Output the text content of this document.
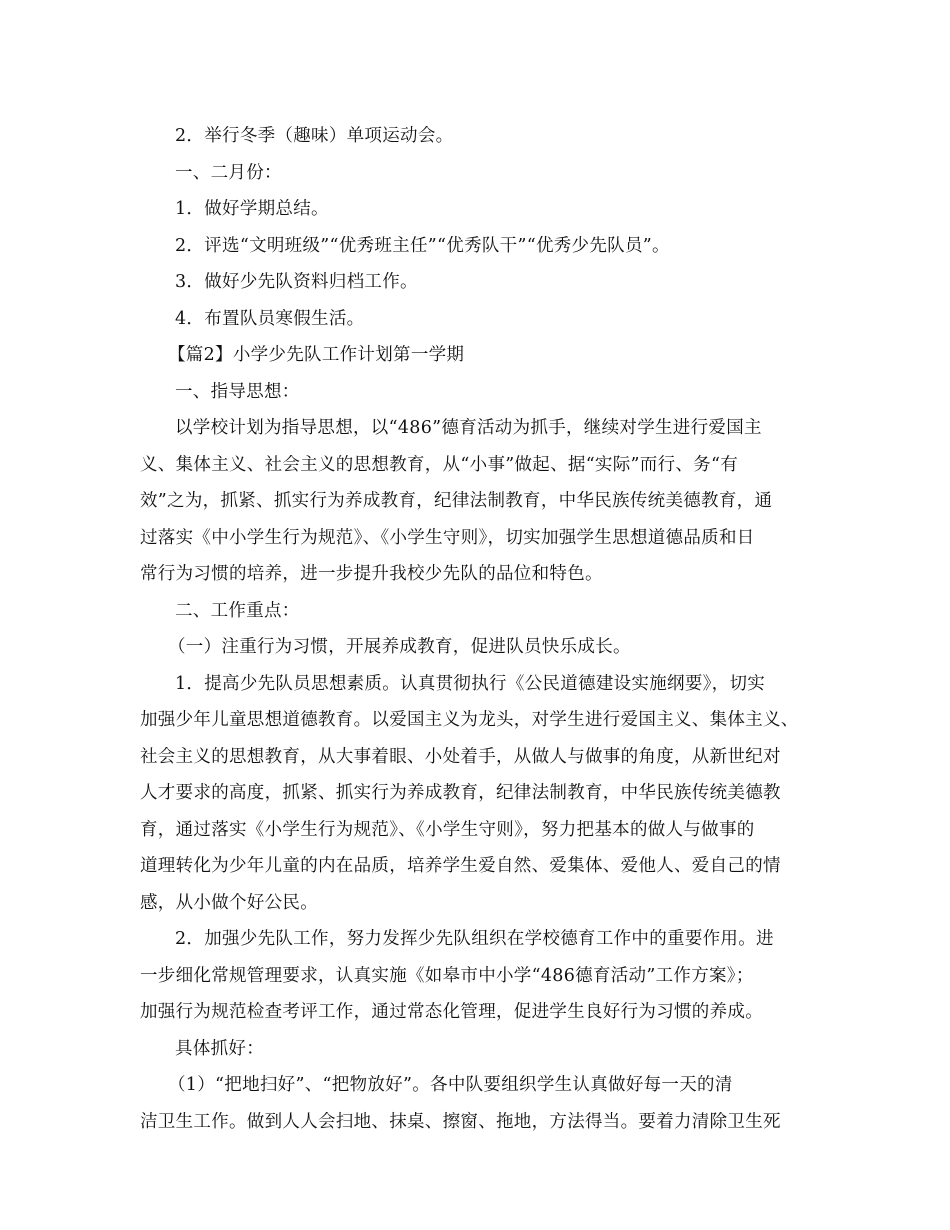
2．举行冬季（趣味）单项运动会。

一、二月份：

1．做好学期总结。

2．评选“文明班级”“优秀班主任”“优秀队干”“优秀少先队员”。

3．做好少先队资料归档工作。

4．布置队员寒假生活。

【篇2】小学少先队工作计划第一学期

一、指导思想：

以学校计划为指导思想，以“486”德育活动为抓手，继续对学生进行爱国主

义、集体主义、社会主义的思想教育，从“小事”做起、据“实际”而行、务“有

效”之为，抓紧、抓实行为养成教育，纪律法制教育，中华民族传统美德教育，通

过落实《中小学生行为规范》、《小学生守则》，切实加强学生思想道德品质和日

常行为习惯的培养，进一步提升我校少先队的品位和特色。

二、工作重点：

（一）注重行为习惯，开展养成教育，促进队员快乐成长。

1．提高少先队员思想素质。认真贯彻执行《公民道德建设实施纲要》，切实

加强少年儿童思想道德教育。以爱国主义为龙头，对学生进行爱国主义、集体主义、

社会主义的思想教育，从大事着眼、小处着手，从做人与做事的角度，从新世纪对

人才要求的高度，抓紧、抓实行为养成教育，纪律法制教育，中华民族传统美德教

育，通过落实《小学生行为规范》、《小学生守则》，努力把基本的做人与做事的

道理转化为少年儿童的内在品质，培养学生爱自然、爱集体、爱他人、爱自己的情

感，从小做个好公民。

2．加强少先队工作，努力发挥少先队组织在学校德育工作中的重要作用。进

一步细化常规管理要求，认真实施《如皋市中小学“486德育活动”工作方案》；

加强行为规范检查考评工作，通过常态化管理，促进学生良好行为习惯的养成。

具体抓好：

（1）“把地扫好”、“把物放好”。各中队要组织学生认真做好每一天的清

洁卫生工作。做到人人会扫地、抹桌、擦窗、拖地，方法得当。要着力清除卫生死
